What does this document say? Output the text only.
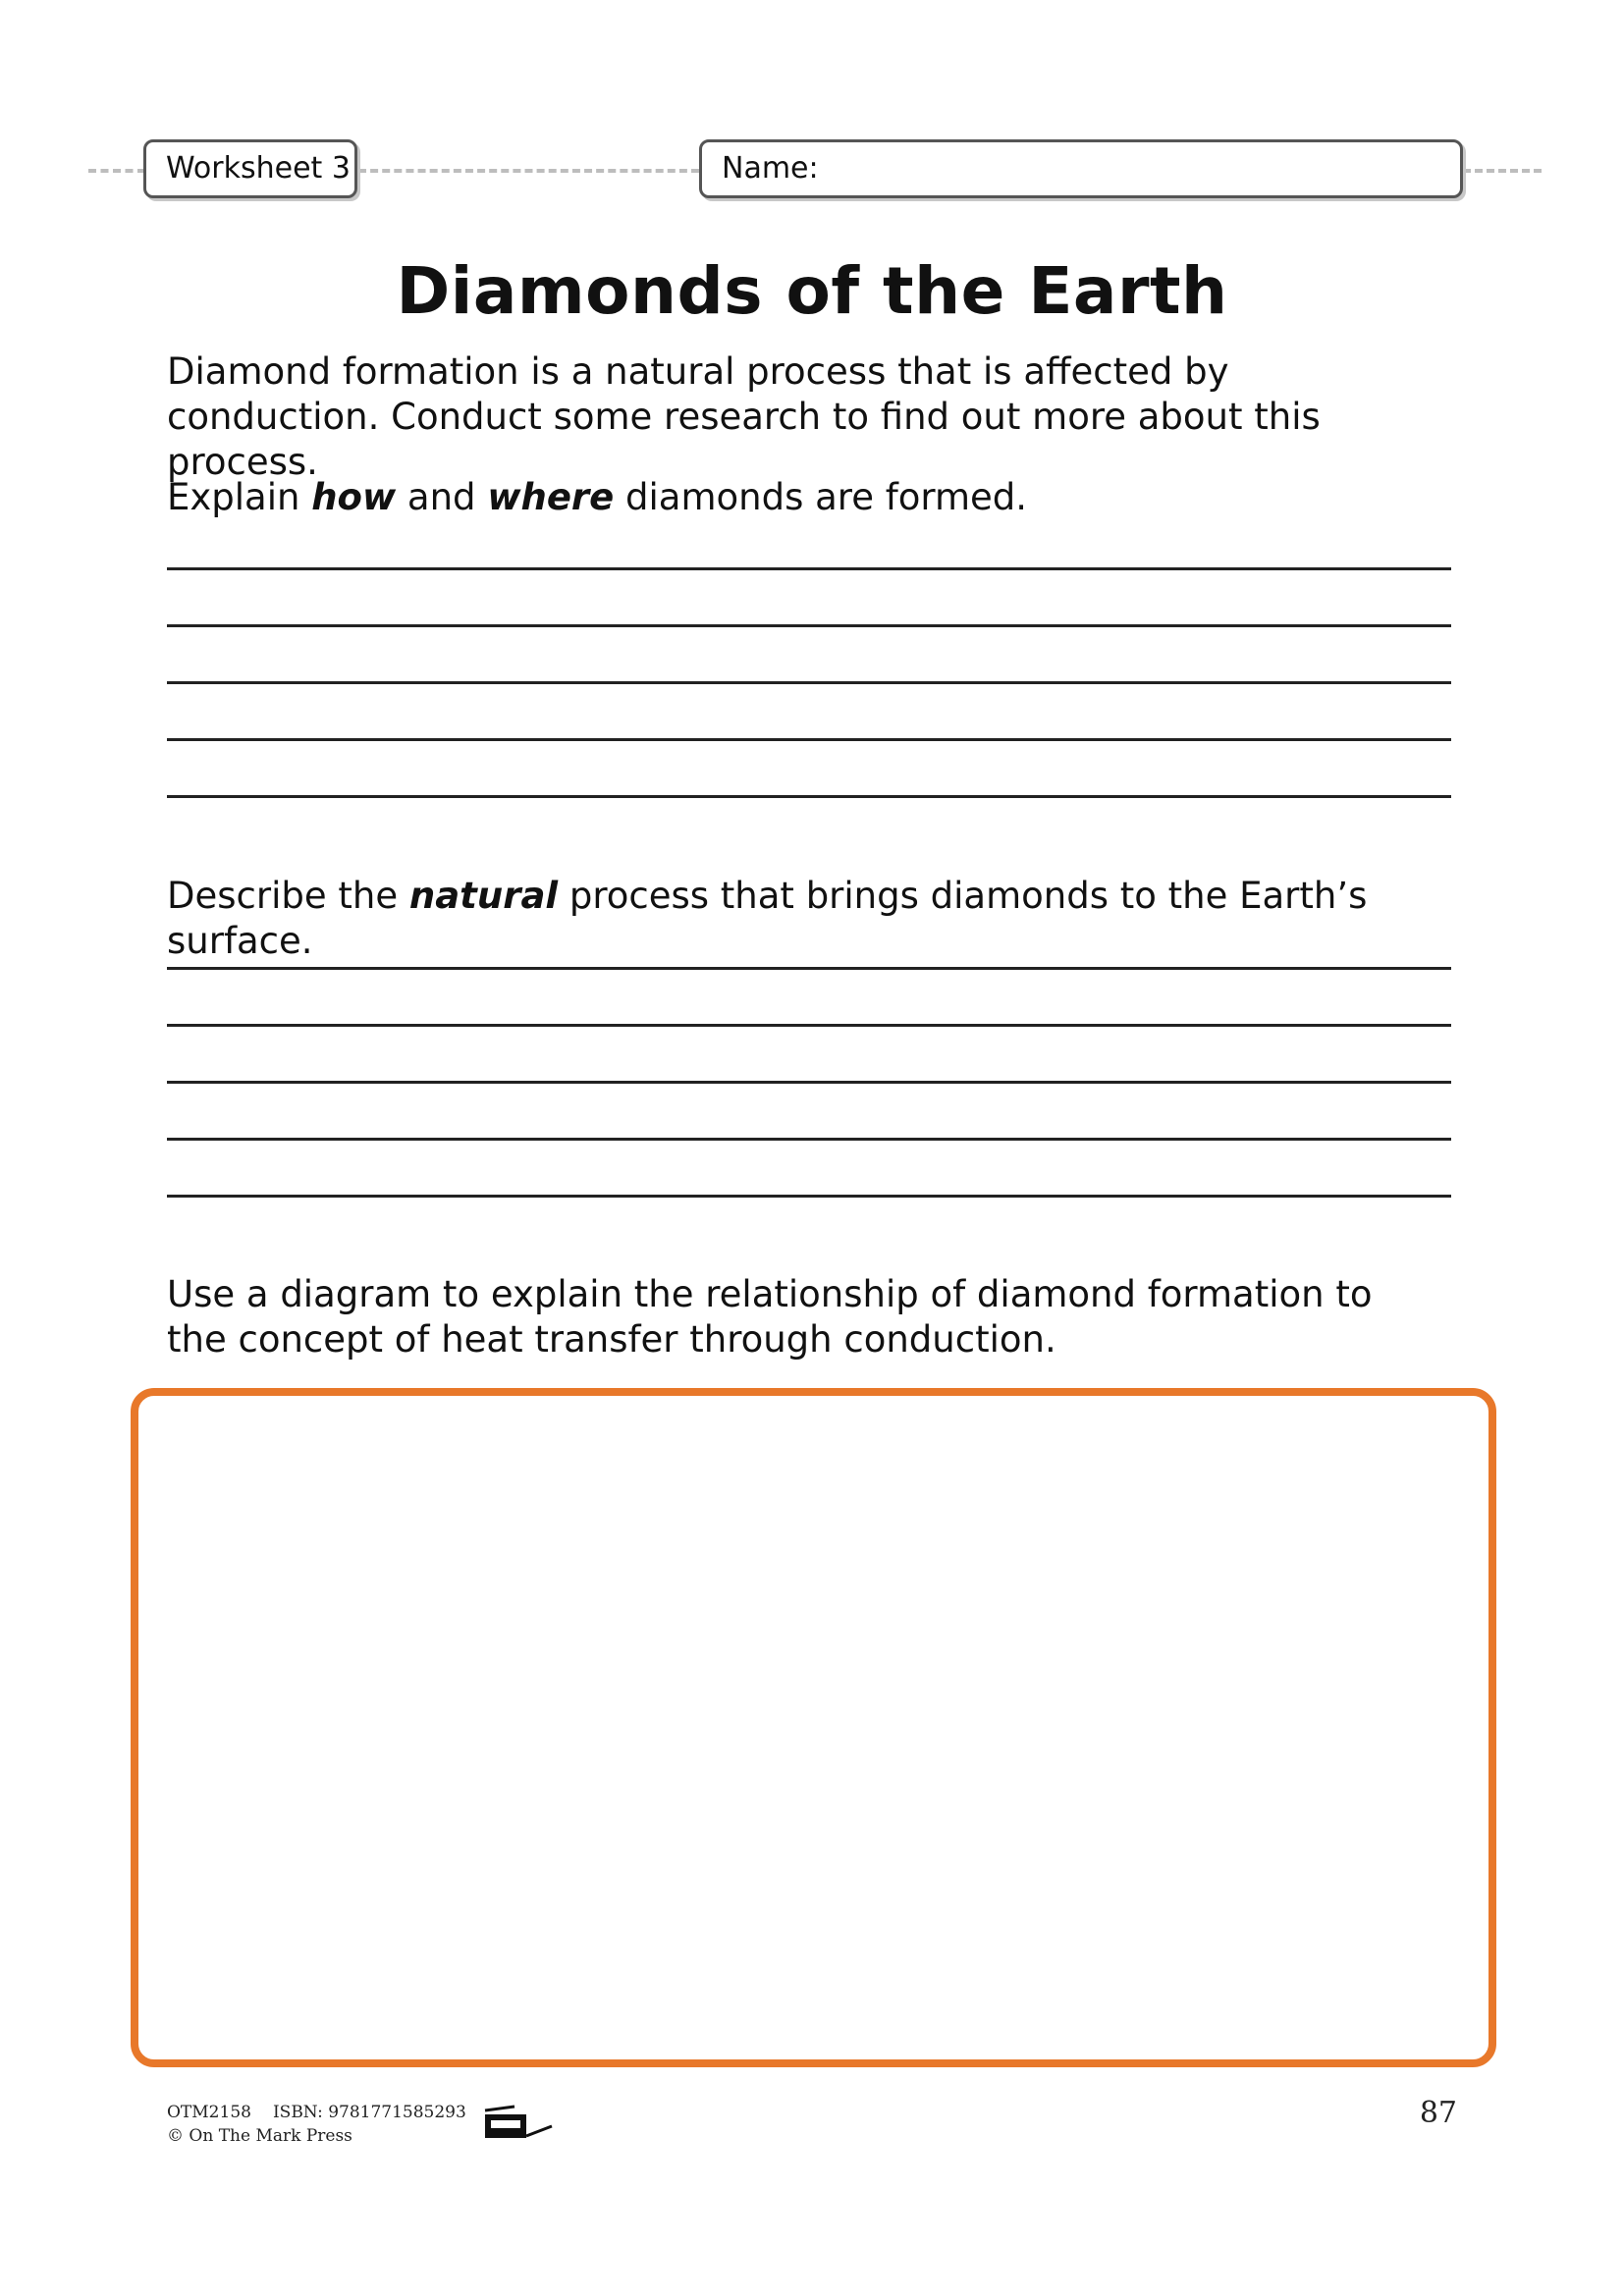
Worksheet 3	Name:
Diamonds of the Earth

Diamond formation is a natural process that is affected by conduction. Conduct some research to find out more about this process.

Explain how and where diamonds are formed.

Describe the natural process that brings diamonds to the Earth’s surface.

Use a diagram to explain the relationship of diamond formation to the concept of heat transfer through conduction.

OTM2158 ISBN: 9781771585293
© On The Mark Press
87
